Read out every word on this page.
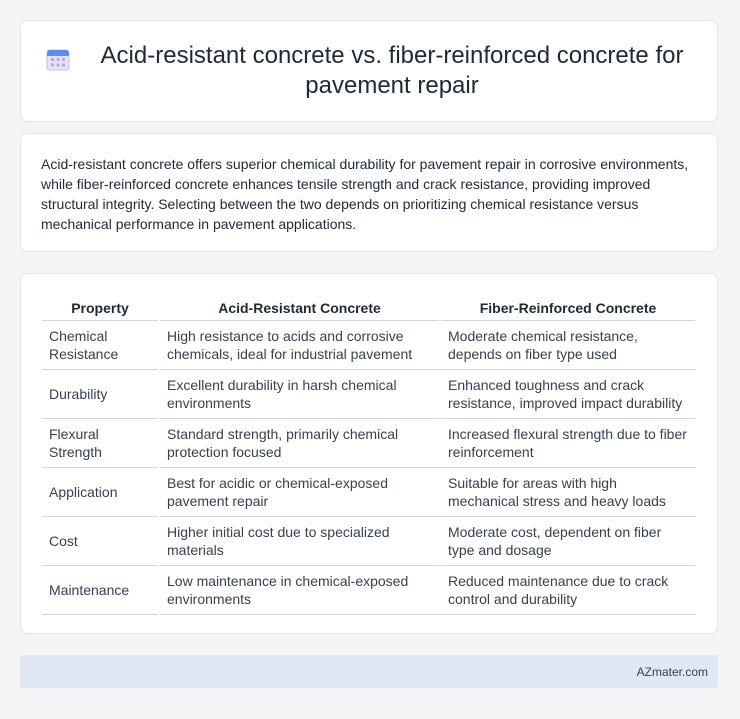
Acid-resistant concrete vs. fiber-reinforced concrete for pavement repair

Acid-resistant concrete offers superior chemical durability for pavement repair in corrosive environments, while fiber-reinforced concrete enhances tensile strength and crack resistance, providing improved structural integrity. Selecting between the two depends on prioritizing chemical resistance versus mechanical performance in pavement applications.

Property	Acid-Resistant Concrete	Fiber-Reinforced Concrete
Chemical Resistance	High resistance to acids and corrosive chemicals, ideal for industrial pavement	Moderate chemical resistance, depends on fiber type used
Durability	Excellent durability in harsh chemical environments	Enhanced toughness and crack resistance, improved impact durability
Flexural Strength	Standard strength, primarily chemical protection focused	Increased flexural strength due to fiber reinforcement
Application	Best for acidic or chemical-exposed pavement repair	Suitable for areas with high mechanical stress and heavy loads
Cost	Higher initial cost due to specialized materials	Moderate cost, dependent on fiber type and dosage
Maintenance	Low maintenance in chemical-exposed environments	Reduced maintenance due to crack control and durability
AZmater.com
